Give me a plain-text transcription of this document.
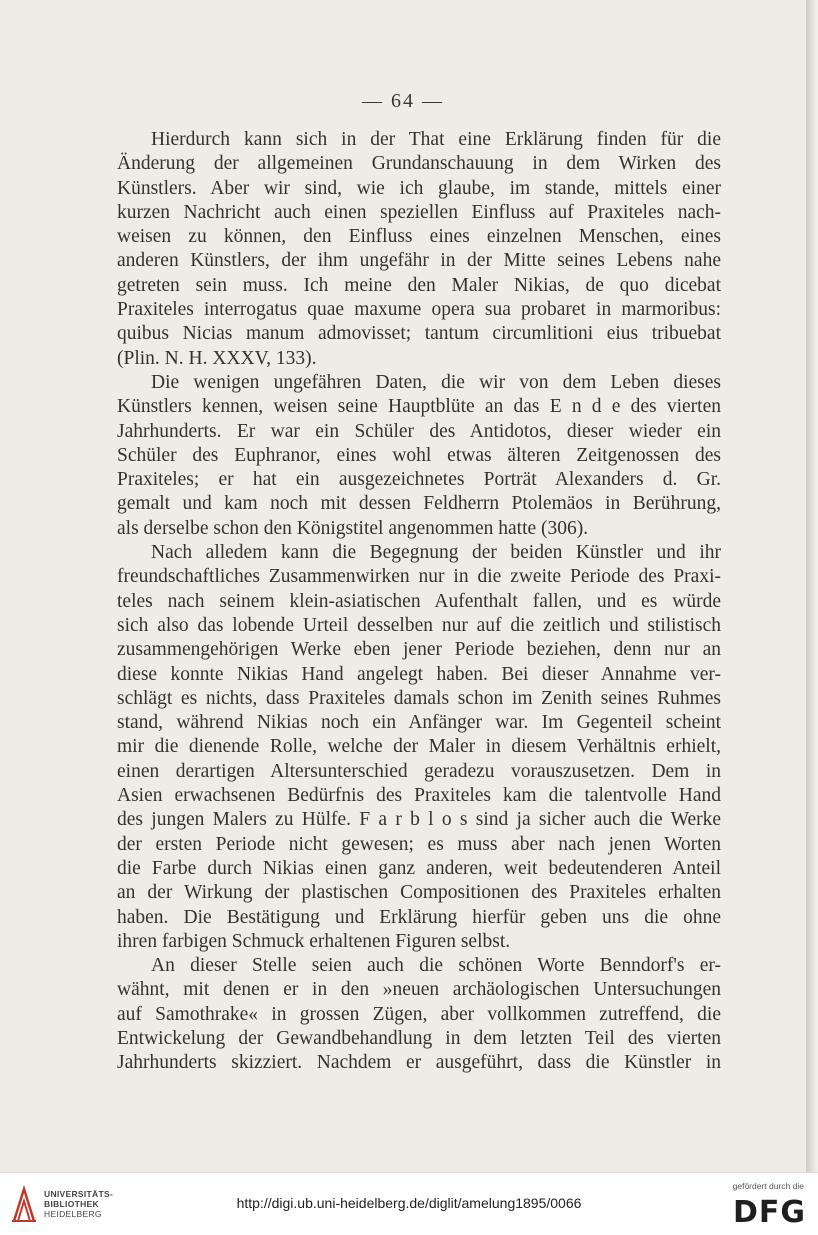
— 64 —
Hierdurch kann sich in der That eine Erklärung finden für die
Änderung der allgemeinen Grundanschauung in dem Wirken des
Künstlers. Aber wir sind, wie ich glaube, im stande, mittels einer
kurzen Nachricht auch einen speziellen Einfluss auf Praxiteles nach-
weisen zu können, den Einfluss eines einzelnen Menschen, eines
anderen Künstlers, der ihm ungefähr in der Mitte seines Lebens nahe
getreten sein muss. Ich meine den Maler Nikias, de quo dicebat
Praxiteles interrogatus quae maxume opera sua probaret in marmoribus:
quibus Nicias manum admovisset; tantum circumlitioni eius tribuebat
(Plin. N. H. XXXV, 133).
Die wenigen ungefähren Daten, die wir von dem Leben dieses
Künstlers kennen, weisen seine Hauptblüte an das E n d e des vierten
Jahrhunderts. Er war ein Schüler des Antidotos, dieser wieder ein
Schüler des Euphranor, eines wohl etwas älteren Zeitgenossen des
Praxiteles; er hat ein ausgezeichnetes Porträt Alexanders d. Gr.
gemalt und kam noch mit dessen Feldherrn Ptolemäos in Berührung,
als derselbe schon den Königstitel angenommen hatte (306).
Nach alledem kann die Begegnung der beiden Künstler und ihr
freundschaftliches Zusammenwirken nur in die zweite Periode des Praxi-
teles nach seinem klein-asiatischen Aufenthalt fallen, und es würde
sich also das lobende Urteil desselben nur auf die zeitlich und stilistisch
zusammengehörigen Werke eben jener Periode beziehen, denn nur an
diese konnte Nikias Hand angelegt haben. Bei dieser Annahme ver-
schlägt es nichts, dass Praxiteles damals schon im Zenith seines Ruhmes
stand, während Nikias noch ein Anfänger war. Im Gegenteil scheint
mir die dienende Rolle, welche der Maler in diesem Verhältnis erhielt,
einen derartigen Altersunterschied geradezu vorauszusetzen. Dem in
Asien erwachsenen Bedürfnis des Praxiteles kam die talentvolle Hand
des jungen Malers zu Hülfe. F a r b l o s sind ja sicher auch die Werke
der ersten Periode nicht gewesen; es muss aber nach jenen Worten
die Farbe durch Nikias einen ganz anderen, weit bedeutenderen Anteil
an der Wirkung der plastischen Compositionen des Praxiteles erhalten
haben. Die Bestätigung und Erklärung hierfür geben uns die ohne
ihren farbigen Schmuck erhaltenen Figuren selbst.
An dieser Stelle seien auch die schönen Worte Benndorf's er-
wähnt, mit denen er in den »neuen archäologischen Untersuchungen
auf Samothrake« in grossen Zügen, aber vollkommen zutreffend, die
Entwickelung der Gewandbehandlung in dem letzten Teil des vierten
Jahrhunderts skizziert. Nachdem er ausgeführt, dass die Künstler in
UNIVERSITÄTS-
BIBLIOTHEK
HEIDELBERG
http://digi.ub.uni-heidelberg.de/diglit/amelung1895/0066
gefördert durch die
DFG
